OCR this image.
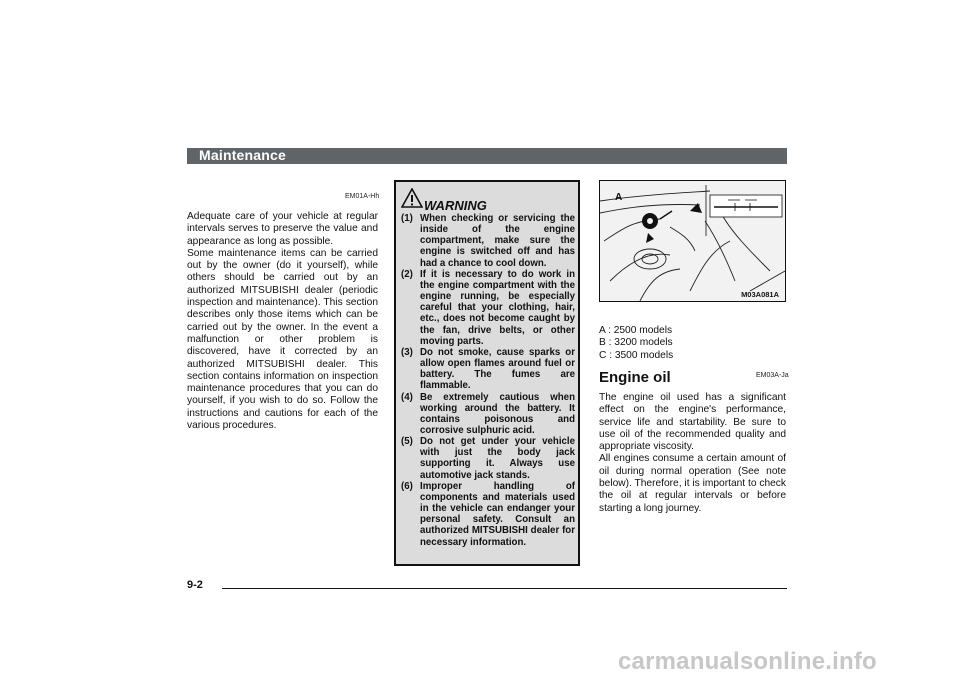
Maintenance
EM01A-Hh
Adequate care of your vehicle at regular intervals serves to preserve the value and appearance as long as possible.
Some maintenance items can be carried out by the owner (do it yourself), while others should be carried out by an authorized MITSUBISHI dealer (periodic inspection and maintenance). This section describes only those items which can be carried out by the owner. In the event a malfunction or other problem is discovered, have it corrected by an authorized MITSUBISHI dealer. This section contains information on inspection maintenance procedures that you can do yourself, if you wish to do so. Follow the instructions and cautions for each of the various procedures.
WARNING
(1) When checking or servicing the inside of the engine compartment, make sure the engine is switched off and has had a chance to cool down.
(2) If it is necessary to do work in the engine compartment with the engine running, be especially careful that your clothing, hair, etc., does not become caught by the fan, drive belts, or other moving parts.
(3) Do not smoke, cause sparks or allow open flames around fuel or battery. The fumes are flammable.
(4) Be extremely cautious when working around the battery. It contains poisonous and corrosive sulphuric acid.
(5) Do not get under your vehicle with just the body jack supporting it. Always use automotive jack stands.
(6) Improper handling of components and materials used in the vehicle can endanger your personal safety. Consult an authorized MITSUBISHI dealer for necessary information.
A
M03A081A
A : 2500 models
B : 3200 models
C : 3500 models
Engine oil	EM03A-Ja
The engine oil used has a significant effect on the engine's performance, service life and startability. Be sure to use oil of the recommended quality and appropriate viscosity.
All engines consume a certain amount of oil during normal operation (See note below). Therefore, it is important to check the oil at regular intervals or before starting a long journey.
9-2
carmanualsonline.info
